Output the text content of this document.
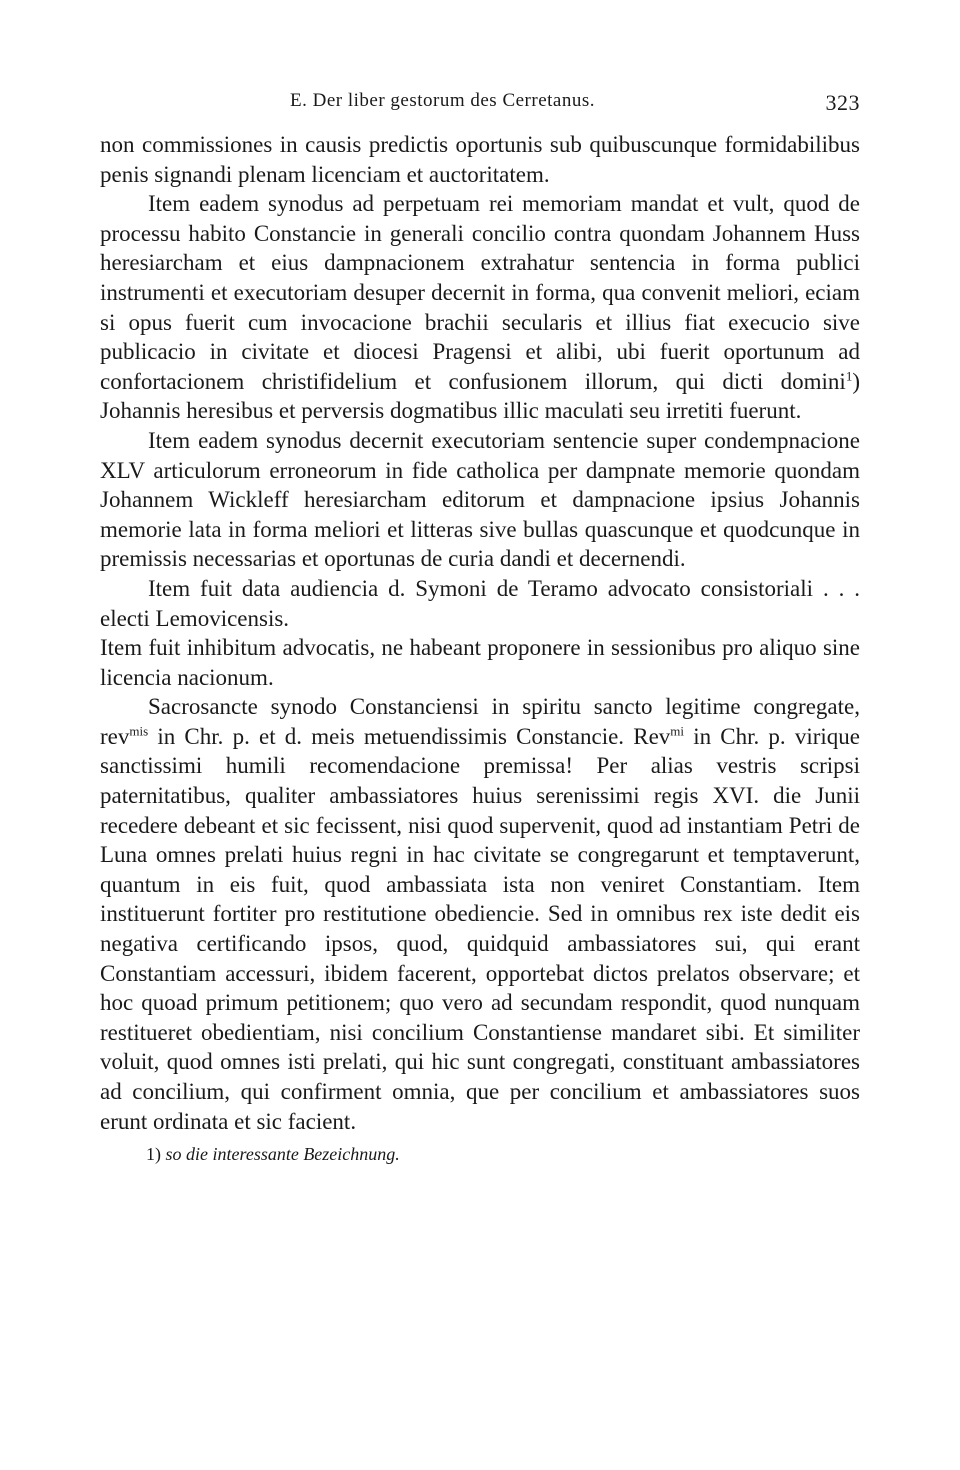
E. Der liber gestorum des Cerretanus.	323

non commissiones in causis predictis oportunis sub quibuscunque formidabilibus penis signandi plenam licenciam et auctoritatem.

Item eadem synodus ad perpetuam rei memoriam mandat et vult, quod de processu habito Constancie in generali concilio contra quondam Johannem Huss heresiarcham et eius dampnacionem extrahatur sentencia in forma publici instrumenti et executoriam desuper decernit in forma, qua convenit meliori, eciam si opus fuerit cum invocacione brachii secularis et illius fiat execucio sive publicacio in civitate et diocesi Pragensi et alibi, ubi fuerit oportunum ad confortacionem christifidelium et confusionem illorum, qui dicti domini$^1$) Johannis heresibus et perversis dogmatibus illic maculati seu irretiti fuerunt.

Item eadem synodus decernit executoriam sentencie super condempnacione XLV articulorum erroneorum in fide catholica per dampnate memorie quondam Johannem Wickleff heresiarcham editorum et dampnacione ipsius Johannis memorie lata in forma meliori et litteras sive bullas quascunque et quodcunque in premissis necessarias et oportunas de curia dandi et decernendi.

Item fuit data audiencia d. Symoni de Teramo advocato consistoriali . . . electi Lemovicensis.

Item fuit inhibitum advocatis, ne habeant proponere in sessionibus pro aliquo sine licencia nacionum.

Sacrosancte synodo Constanciensi in spiritu sancto legitime congregate, rev$^{mis}$ in Chr. p. et d. meis metuendissimis Constancie. Rev$^{mi}$ in Chr. p. virique sanctissimi humili recomendacione premissa! Per alias vestris scripsi paternitatibus, qualiter ambassiatores huius serenissimi regis XVI. die Junii recedere debeant et sic fecissent, nisi quod supervenit, quod ad instantiam Petri de Luna omnes prelati huius regni in hac civitate se congregarunt et temptaverunt, quantum in eis fuit, quod ambassiata ista non veniret Constantiam. Item instituerunt fortiter pro restitutione obediencie. Sed in omnibus rex iste dedit eis negativa certificando ipsos, quod, quidquid ambassiatores sui, qui erant Constantiam accessuri, ibidem facerent, opportebat dictos prelatos observare; et hoc quoad primum petitionem; quo vero ad secundam respondit, quod nunquam restitueret obedientiam, nisi concilium Constantiense mandaret sibi. Et similiter voluit, quod omnes isti prelati, qui hic sunt congregati, constituant ambassiatores ad concilium, qui confirment omnia, que per concilium et ambassiatores suos erunt ordinata et sic facient.

1) so die interessante Bezeichnung.
